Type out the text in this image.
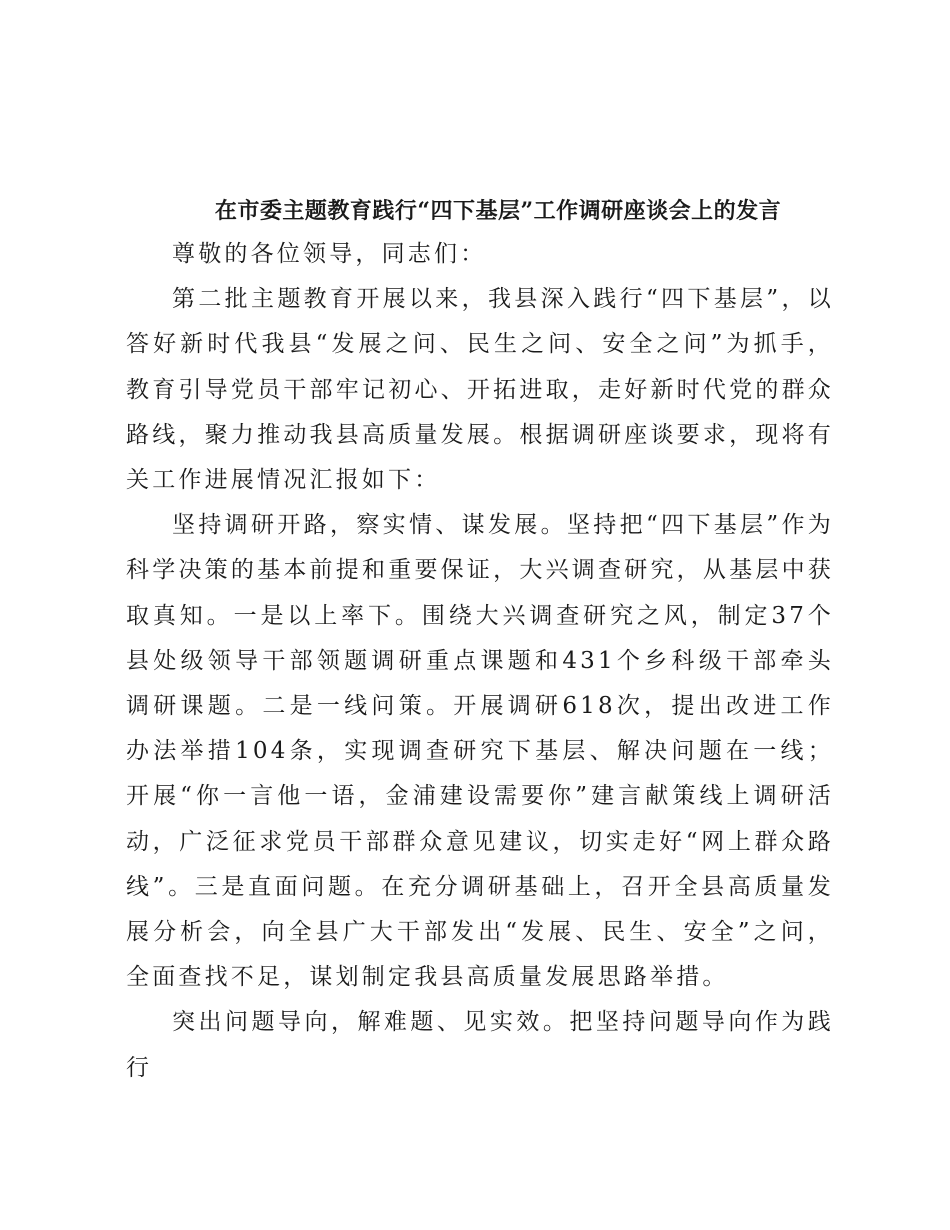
在市委主题教育践行“四下基层”工作调研座谈会上的发言

尊敬的各位领导，同志们：

第二批主题教育开展以来，我县深入践行“四下基层”，以答好新时代我县“发展之问、民生之问、安全之问”为抓手，教育引导党员干部牢记初心、开拓进取，走好新时代党的群众路线，聚力推动我县高质量发展。根据调研座谈要求，现将有关工作进展情况汇报如下：

坚持调研开路，察实情、谋发展。坚持把“四下基层”作为科学决策的基本前提和重要保证，大兴调查研究，从基层中获取真知。一是以上率下。围绕大兴调查研究之风，制定37个县处级领导干部领题调研重点课题和431个乡科级干部牵头调研课题。二是一线问策。开展调研618次，提出改进工作办法举措104条，实现调查研究下基层、解决问题在一线；开展“你一言他一语，金浦建设需要你”建言献策线上调研活动，广泛征求党员干部群众意见建议，切实走好“网上群众路线”。三是直面问题。在充分调研基础上，召开全县高质量发展分析会，向全县广大干部发出“发展、民生、安全”之问，全面查找不足，谋划制定我县高质量发展思路举措。

突出问题导向，解难题、见实效。把坚持问题导向作为践行
